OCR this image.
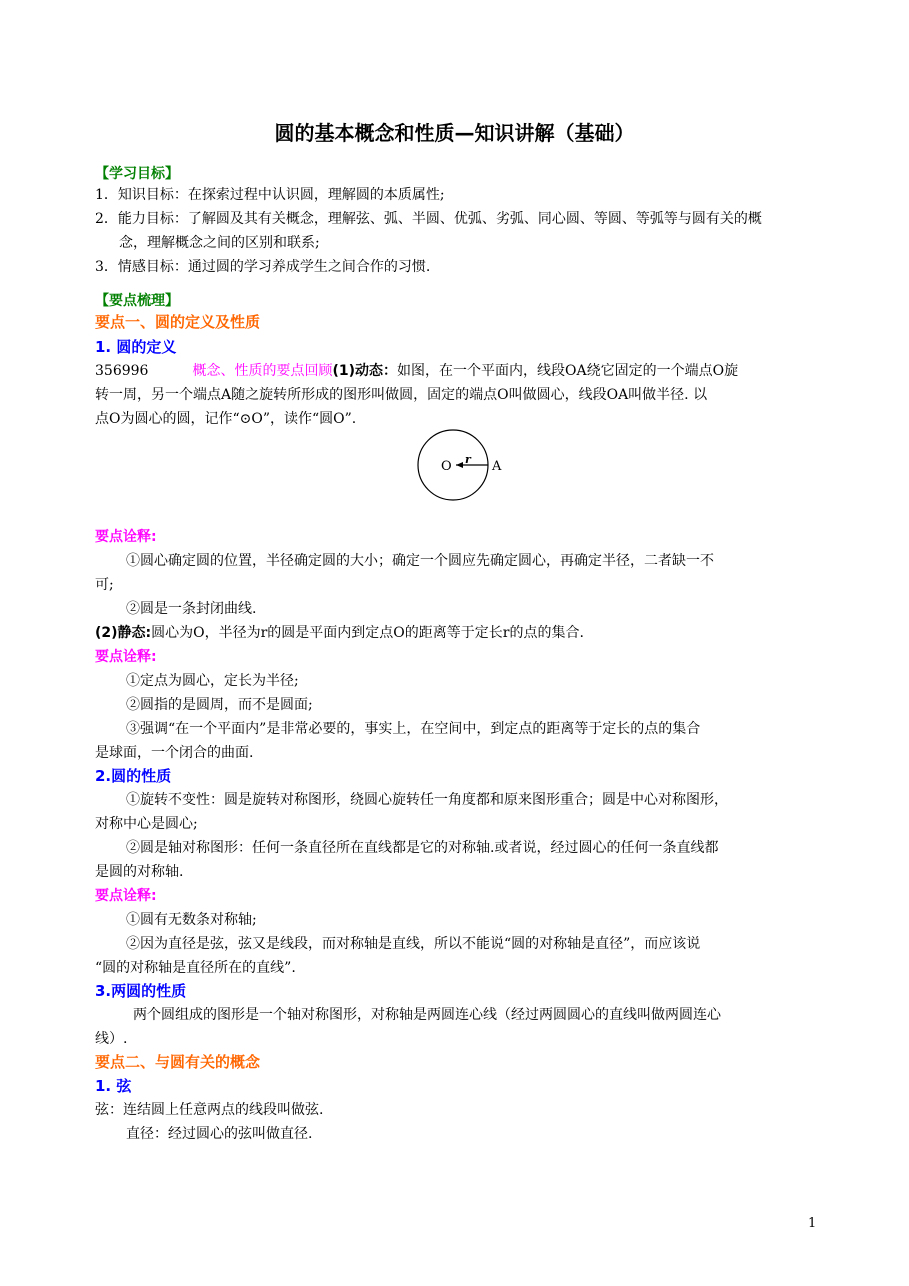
圆的基本概念和性质—知识讲解（基础）
【学习目标】
1．知识目标：在探索过程中认识圆，理解圆的本质属性;
2．能力目标：了解圆及其有关概念，理解弦、弧、半圆、优弧、劣弧、同心圆、等圆、等弧等与圆有关的概
念，理解概念之间的区别和联系;
3．情感目标：通过圆的学习养成学生之间合作的习惯.
【要点梳理】
要点一、圆的定义及性质
1. 圆的定义
356996	概念、性质的要点回顾(1)动态：如图，在一个平面内，线段OA绕它固定的一个端点O旋
转一周，另一个端点A随之旋转所形成的图形叫做圆，固定的端点O叫做圆心，线段OA叫做半径. 以
点O为圆心的圆，记作“⊙O”，读作“圆O”.
O r A
要点诠释:
①圆心确定圆的位置，半径确定圆的大小；确定一个圆应先确定圆心，再确定半径，二者缺一不
可;
②圆是一条封闭曲线.
(2)静态:圆心为O，半径为r的圆是平面内到定点O的距离等于定长r的点的集合.
要点诠释:
①定点为圆心，定长为半径;
②圆指的是圆周，而不是圆面;
③强调“在一个平面内”是非常必要的，事实上，在空间中，到定点的距离等于定长的点的集合
是球面，一个闭合的曲面.
2.圆的性质
①旋转不变性：圆是旋转对称图形，绕圆心旋转任一角度都和原来图形重合；圆是中心对称图形，
对称中心是圆心;
②圆是轴对称图形：任何一条直径所在直线都是它的对称轴.或者说，经过圆心的任何一条直线都
是圆的对称轴.
要点诠释:
①圆有无数条对称轴;
②因为直径是弦，弦又是线段，而对称轴是直线，所以不能说“圆的对称轴是直径”，而应该说
“圆的对称轴是直径所在的直线”.
3.两圆的性质
两个圆组成的图形是一个轴对称图形，对称轴是两圆连心线（经过两圆圆心的直线叫做两圆连心
线）.
要点二、与圆有关的概念
1. 弦
弦：连结圆上任意两点的线段叫做弦.
直径：经过圆心的弦叫做直径.
1
